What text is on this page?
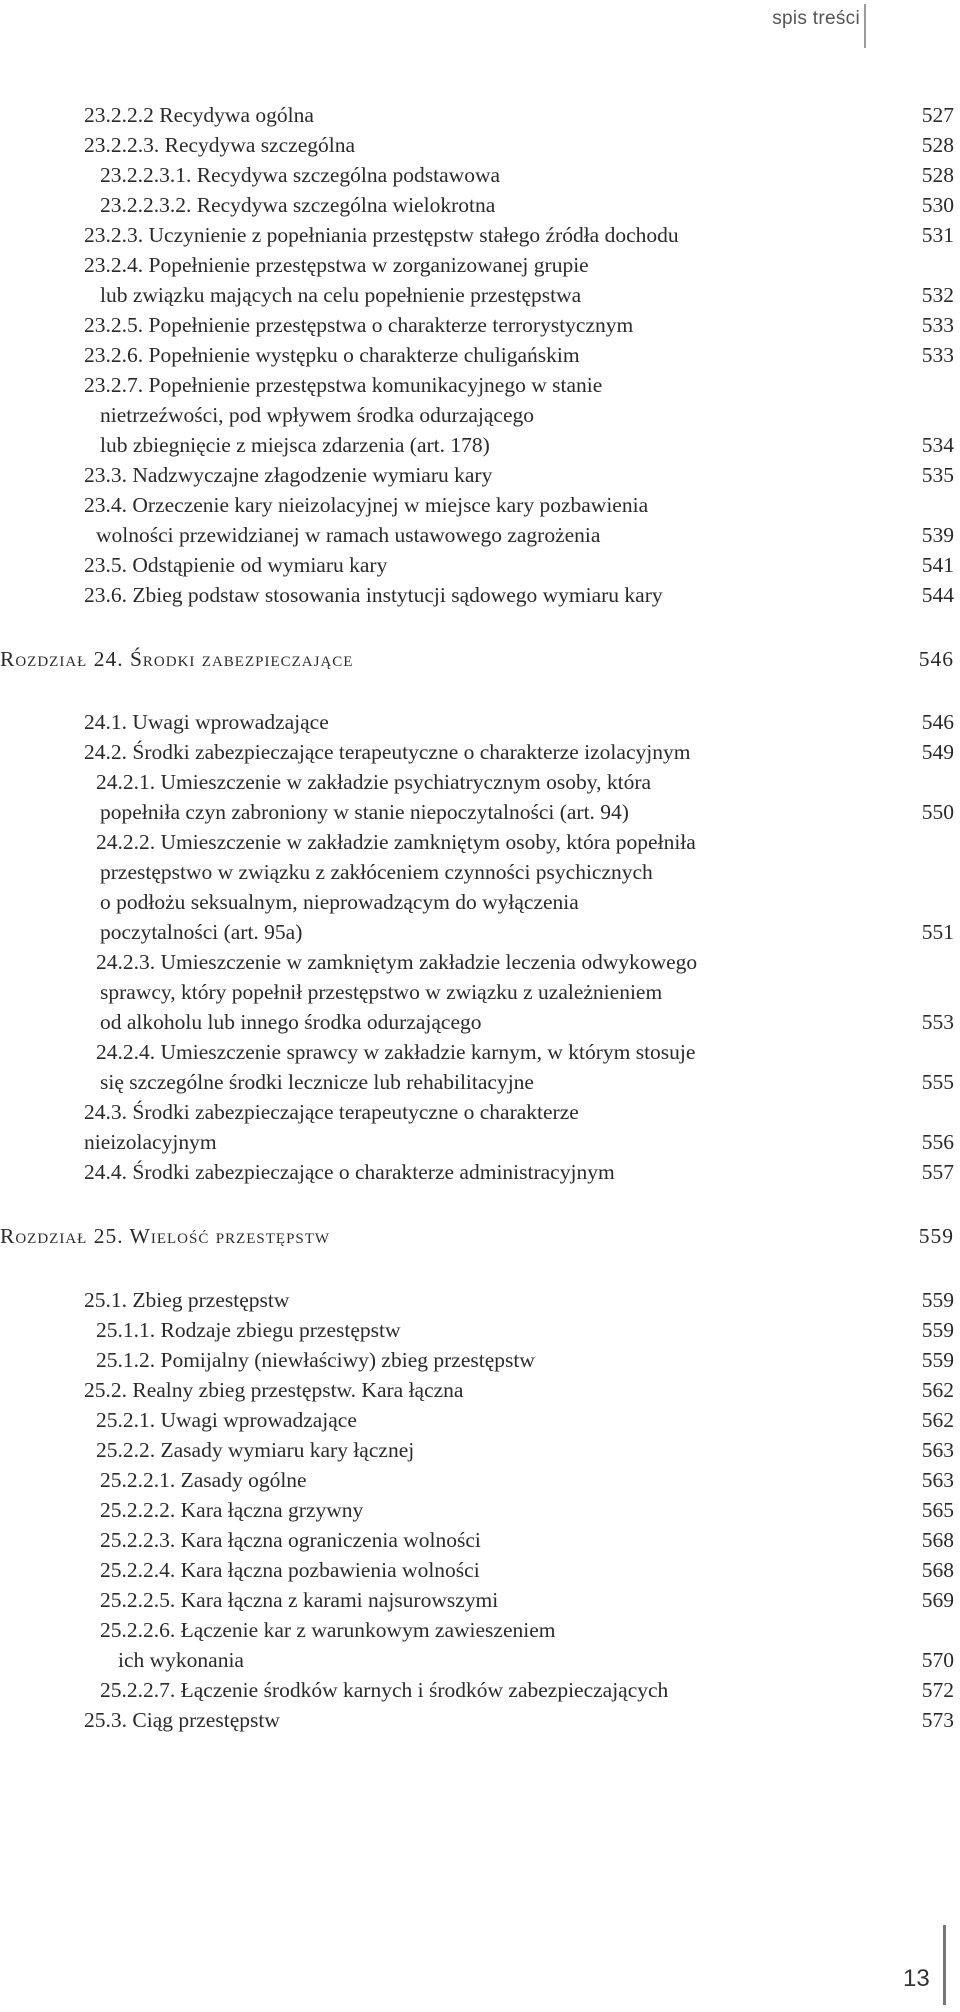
spis treści
23.2.2.2 Recydywa ogólna	527
23.2.2.3. Recydywa szczególna	528
23.2.2.3.1. Recydywa szczególna podstawowa	528
23.2.2.3.2. Recydywa szczególna wielokrotna	530
23.2.3. Uczynienie z popełniania przestępstw stałego źródła dochodu	531
23.2.4. Popełnienie przestępstwa w zorganizowanej grupie
lub związku mających na celu popełnienie przestępstwa	532
23.2.5. Popełnienie przestępstwa o charakterze terrorystycznym	533
23.2.6. Popełnienie występku o charakterze chuligańskim	533
23.2.7. Popełnienie przestępstwa komunikacyjnego w stanie
nietrzeźwości, pod wpływem środka odurzającego
lub zbiegnięcie z miejsca zdarzenia (art. 178)	534
23.3. Nadzwyczajne złagodzenie wymiaru kary	535
23.4. Orzeczenie kary nieizolacyjnej w miejsce kary pozbawienia
wolności przewidzianej w ramach ustawowego zagrożenia	539
23.5. Odstąpienie od wymiaru kary	541
23.6. Zbieg podstaw stosowania instytucji sądowego wymiaru kary	544
Rozdział 24. Środki zabezpieczające	546
24.1. Uwagi wprowadzające	546
24.2. Środki zabezpieczające terapeutyczne o charakterze izolacyjnym	549
24.2.1. Umieszczenie w zakładzie psychiatrycznym osoby, która
popełniła czyn zabroniony w stanie niepoczytalności (art. 94)	550
24.2.2. Umieszczenie w zakładzie zamkniętym osoby, która popełniła
przestępstwo w związku z zakłóceniem czynności psychicznych
o podłożu seksualnym, nieprowadzącym do wyłączenia
poczytalności (art. 95a)	551
24.2.3. Umieszczenie w zamkniętym zakładzie leczenia odwykowego
sprawcy, który popełnił przestępstwo w związku z uzależnieniem
od alkoholu lub innego środka odurzającego	553
24.2.4. Umieszczenie sprawcy w zakładzie karnym, w którym stosuje
się szczególne środki lecznicze lub rehabilitacyjne	555
24.3. Środki zabezpieczające terapeutyczne o charakterze
nieizolacyjnym	556
24.4. Środki zabezpieczające o charakterze administracyjnym	557
Rozdział 25. Wielość przestępstw	559
25.1. Zbieg przestępstw	559
25.1.1. Rodzaje zbiegu przestępstw	559
25.1.2. Pomijalny (niewłaściwy) zbieg przestępstw	559
25.2. Realny zbieg przestępstw. Kara łączna	562
25.2.1. Uwagi wprowadzające	562
25.2.2. Zasady wymiaru kary łącznej	563
25.2.2.1. Zasady ogólne	563
25.2.2.2. Kara łączna grzywny	565
25.2.2.3. Kara łączna ograniczenia wolności	568
25.2.2.4. Kara łączna pozbawienia wolności	568
25.2.2.5. Kara łączna z karami najsurowszymi	569
25.2.2.6. Łączenie kar z warunkowym zawieszeniem
ich wykonania	570
25.2.2.7. Łączenie środków karnych i środków zabezpieczających	572
25.3. Ciąg przestępstw	573
13
